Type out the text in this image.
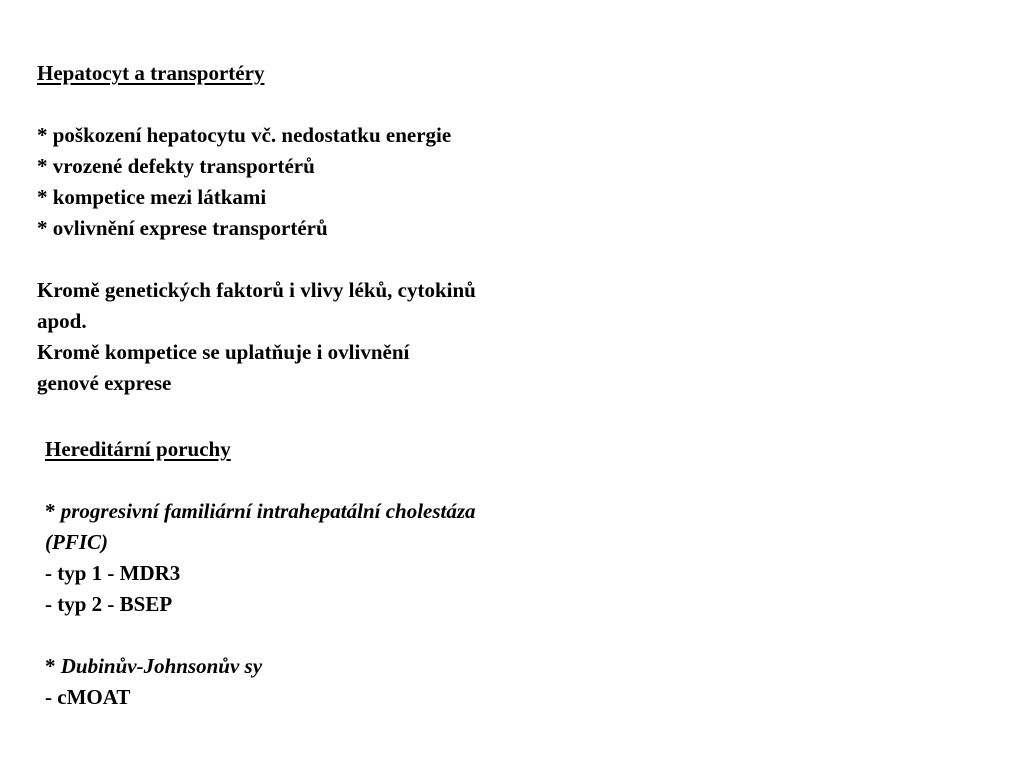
Hepatocyt a transportéry
* poškození hepatocytu vč. nedostatku energie
* vrozené defekty transportérů
* kompetice mezi látkami
* ovlivnění exprese transportérů
Kromě genetických faktorů i vlivy léků, cytokinů
apod.
Kromě kompetice se uplatňuje i ovlivnění
genové exprese
Hereditární poruchy
* progresivní familiární intrahepatální cholestáza
(PFIC)
- typ 1 - MDR3
- typ 2 - BSEP
* Dubinův-Johnsonův sy
- cMOAT
